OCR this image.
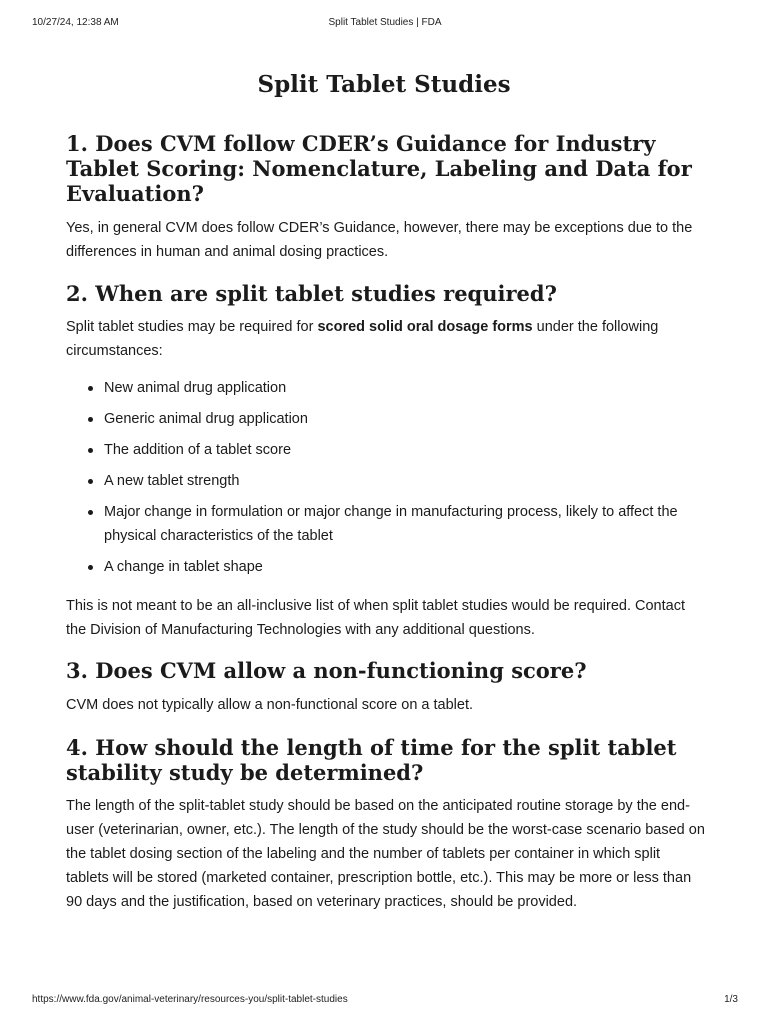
10/27/24, 12:38 AM	Split Tablet Studies | FDA
Split Tablet Studies
1. Does CVM follow CDER’s Guidance for Industry Tablet Scoring: Nomenclature, Labeling and Data for Evaluation?

Yes, in general CVM does follow CDER’s Guidance, however, there may be exceptions due to the differences in human and animal dosing practices.

2. When are split tablet studies required?

Split tablet studies may be required for scored solid oral dosage forms under the following circumstances:

New animal drug application
Generic animal drug application
The addition of a tablet score
A new tablet strength
Major change in formulation or major change in manufacturing process, likely to affect the physical characteristics of the tablet
A change in tablet shape

This is not meant to be an all-inclusive list of when split tablet studies would be required. Contact the Division of Manufacturing Technologies with any additional questions.

3. Does CVM allow a non-functioning score?

CVM does not typically allow a non-functional score on a tablet.

4. How should the length of time for the split tablet stability study be determined?

The length of the split-tablet study should be based on the anticipated routine storage by the end-user (veterinarian, owner, etc.). The length of the study should be the worst-case scenario based on the tablet dosing section of the labeling and the number of tablets per container in which split tablets will be stored (marketed container, prescription bottle, etc.). This may be more or less than 90 days and the justification, based on veterinary practices, should be provided.

https://www.fda.gov/animal-veterinary/resources-you/split-tablet-studies	1/3
